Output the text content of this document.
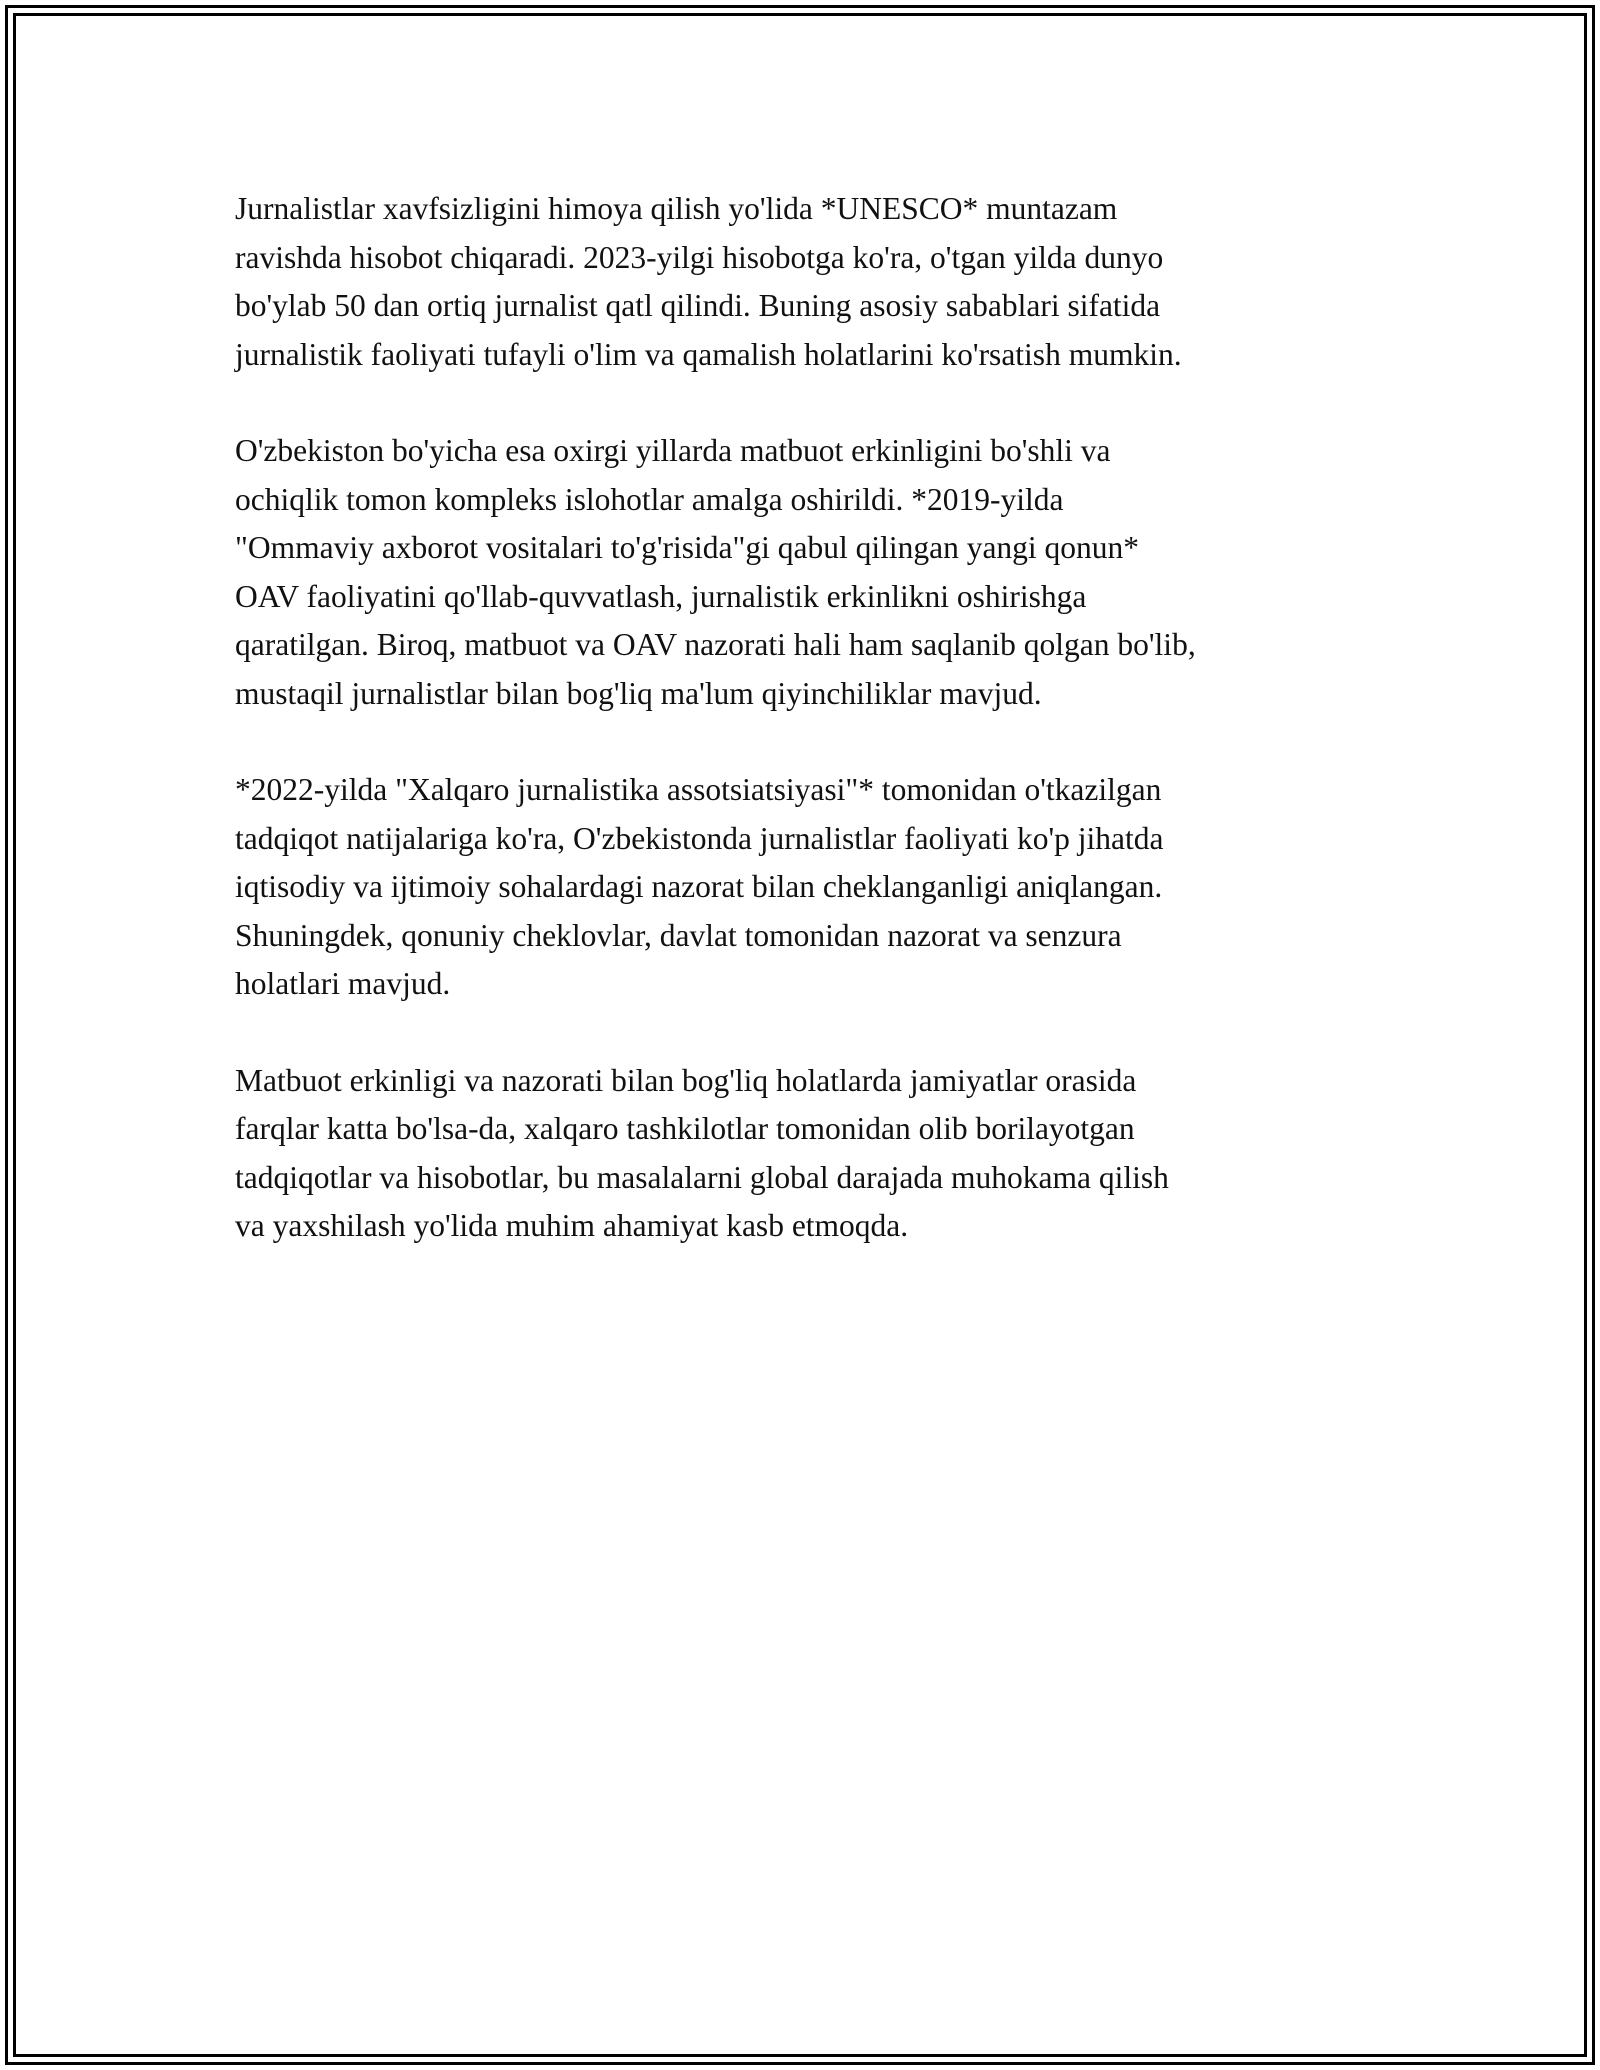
Jurnalistlar xavfsizligini himoya qilish yo'lida *UNESCO* muntazam
ravishda hisobot chiqaradi. 2023-yilgi hisobotga ko'ra, o'tgan yilda dunyo
bo'ylab 50 dan ortiq jurnalist qatl qilindi. Buning asosiy sabablari sifatida
jurnalistik faoliyati tufayli o'lim va qamalish holatlarini ko'rsatish mumkin.

O'zbekiston bo'yicha esa oxirgi yillarda matbuot erkinligini bo'shli va
ochiqlik tomon kompleks islohotlar amalga oshirildi. *2019-yilda
"Ommaviy axborot vositalari to'g'risida"gi qabul qilingan yangi qonun*
OAV faoliyatini qo'llab-quvvatlash, jurnalistik erkinlikni oshirishga
qaratilgan. Biroq, matbuot va OAV nazorati hali ham saqlanib qolgan bo'lib,
mustaqil jurnalistlar bilan bog'liq ma'lum qiyinchiliklar mavjud.

*2022-yilda "Xalqaro jurnalistika assotsiatsiyasi"* tomonidan o'tkazilgan
tadqiqot natijalariga ko'ra, O'zbekistonda jurnalistlar faoliyati ko'p jihatda
iqtisodiy va ijtimoiy sohalardagi nazorat bilan cheklanganligi aniqlangan.
Shuningdek, qonuniy cheklovlar, davlat tomonidan nazorat va senzura
holatlari mavjud.

Matbuot erkinligi va nazorati bilan bog'liq holatlarda jamiyatlar orasida
farqlar katta bo'lsa-da, xalqaro tashkilotlar tomonidan olib borilayotgan
tadqiqotlar va hisobotlar, bu masalalarni global darajada muhokama qilish
va yaxshilash yo'lida muhim ahamiyat kasb etmoqda.
